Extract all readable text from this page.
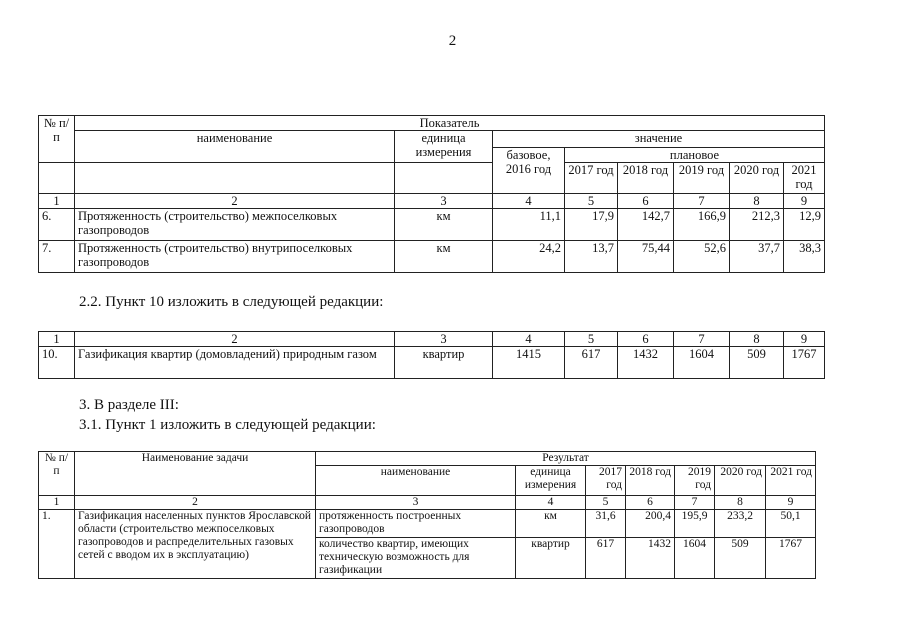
2
№ п/п	Показатель							
	наименование	единица измерения	значение					
			базовое, 2016 год	плановое				
				2017 год	2018 год	2019 год	2020 год	2021 год
1	2	3	4	5	6	7	8	9
6.	Протяженность (строительство) межпоселковых газопроводов	км	11,1	17,9	142,7	166,9	212,3	12,9
7.	Протяженность (строительство) внутрипоселковых газопроводов	км	24,2	13,7	75,44	52,6	37,7	38,3
2.2. Пункт 10 изложить в следующей редакции:
1	2	3	4	5	6	7	8	9
10.	Газификация квартир (домовладений) природным газом	квартир	1415	617	1432	1604	509	1767
3. В разделе III:
3.1. Пункт 1 изложить в следующей редакции:
№ п/п	Наименование задачи	Результат						
		наименование	единица измерения	2017 год	2018 год	2019 год	2020 год	2021 год
1	2	3	4	5	6	7	8	9
1.	Газификация населенных пунктов Ярославской области (строительство межпоселковых газопроводов и распределительных газовых сетей с вводом их в эксплуатацию)	протяженность построенных газопроводов	км	31,6	200,4	195,9	233,2	50,1
		количество квартир, имеющих техническую возможность для газификации	квартир	617	1432	1604	509	1767
